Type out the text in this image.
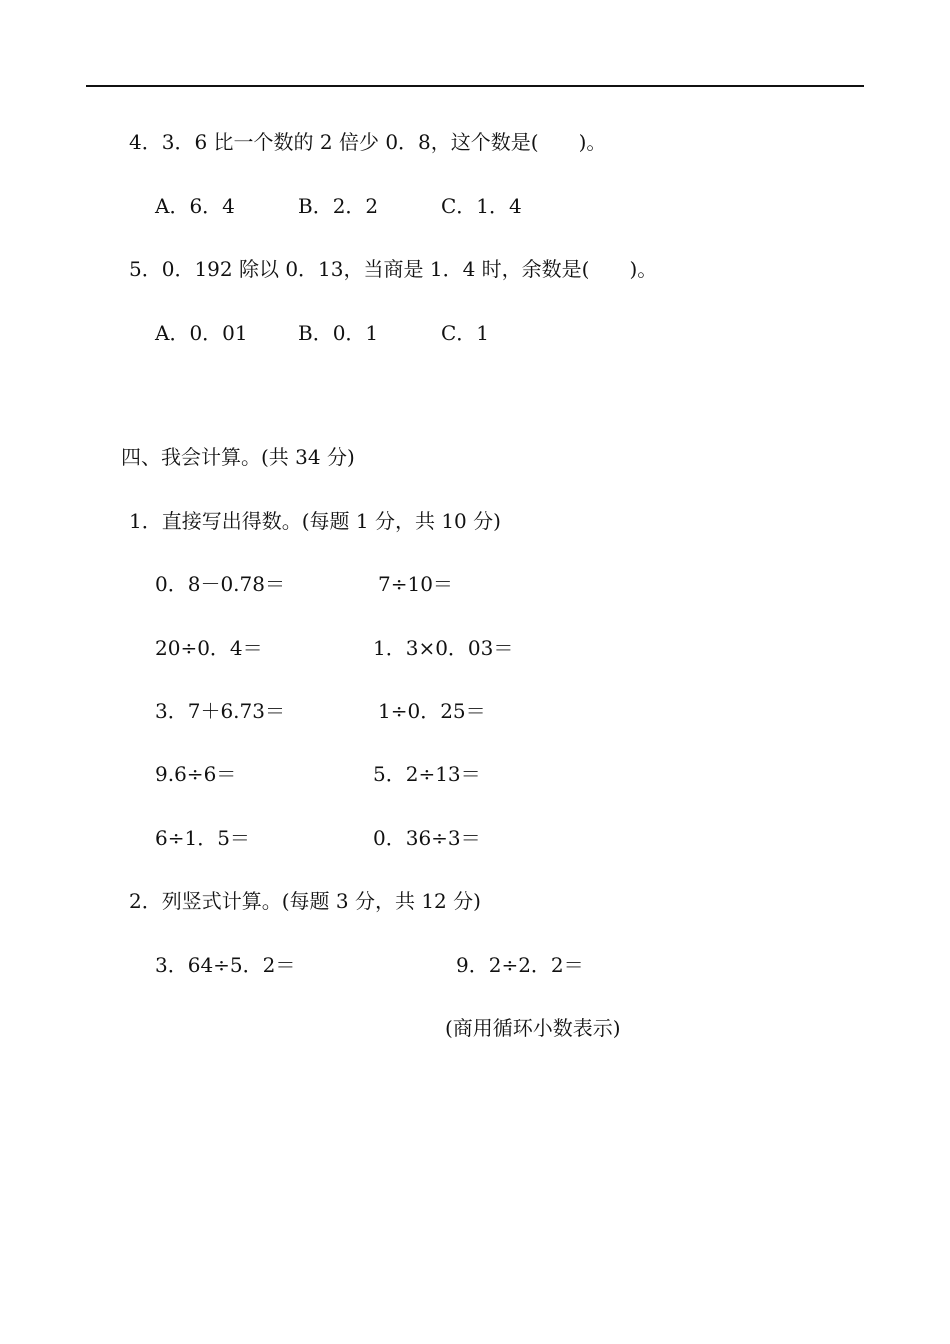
4．3．6 比一个数的 2 倍少 0．8，这个数是(　　)。
A．6．4	B．2．2	C．1．4
5．0．192 除以 0．13，当商是 1．4 时，余数是(　　)。
A．0．01	B．0．1	C．1
四、我会计算。(共 34 分)
1．直接写出得数。(每题 1 分，共 10 分)
0．8－0.78＝	7÷10＝
20÷0．4＝	1．3×0．03＝
3．7＋6.73＝	1÷0．25＝
9.6÷6＝	5．2÷13＝
6÷1．5＝	0．36÷3＝
2．列竖式计算。(每题 3 分，共 12 分)
3．64÷5．2＝	9．2÷2．2＝
(商用循环小数表示)
